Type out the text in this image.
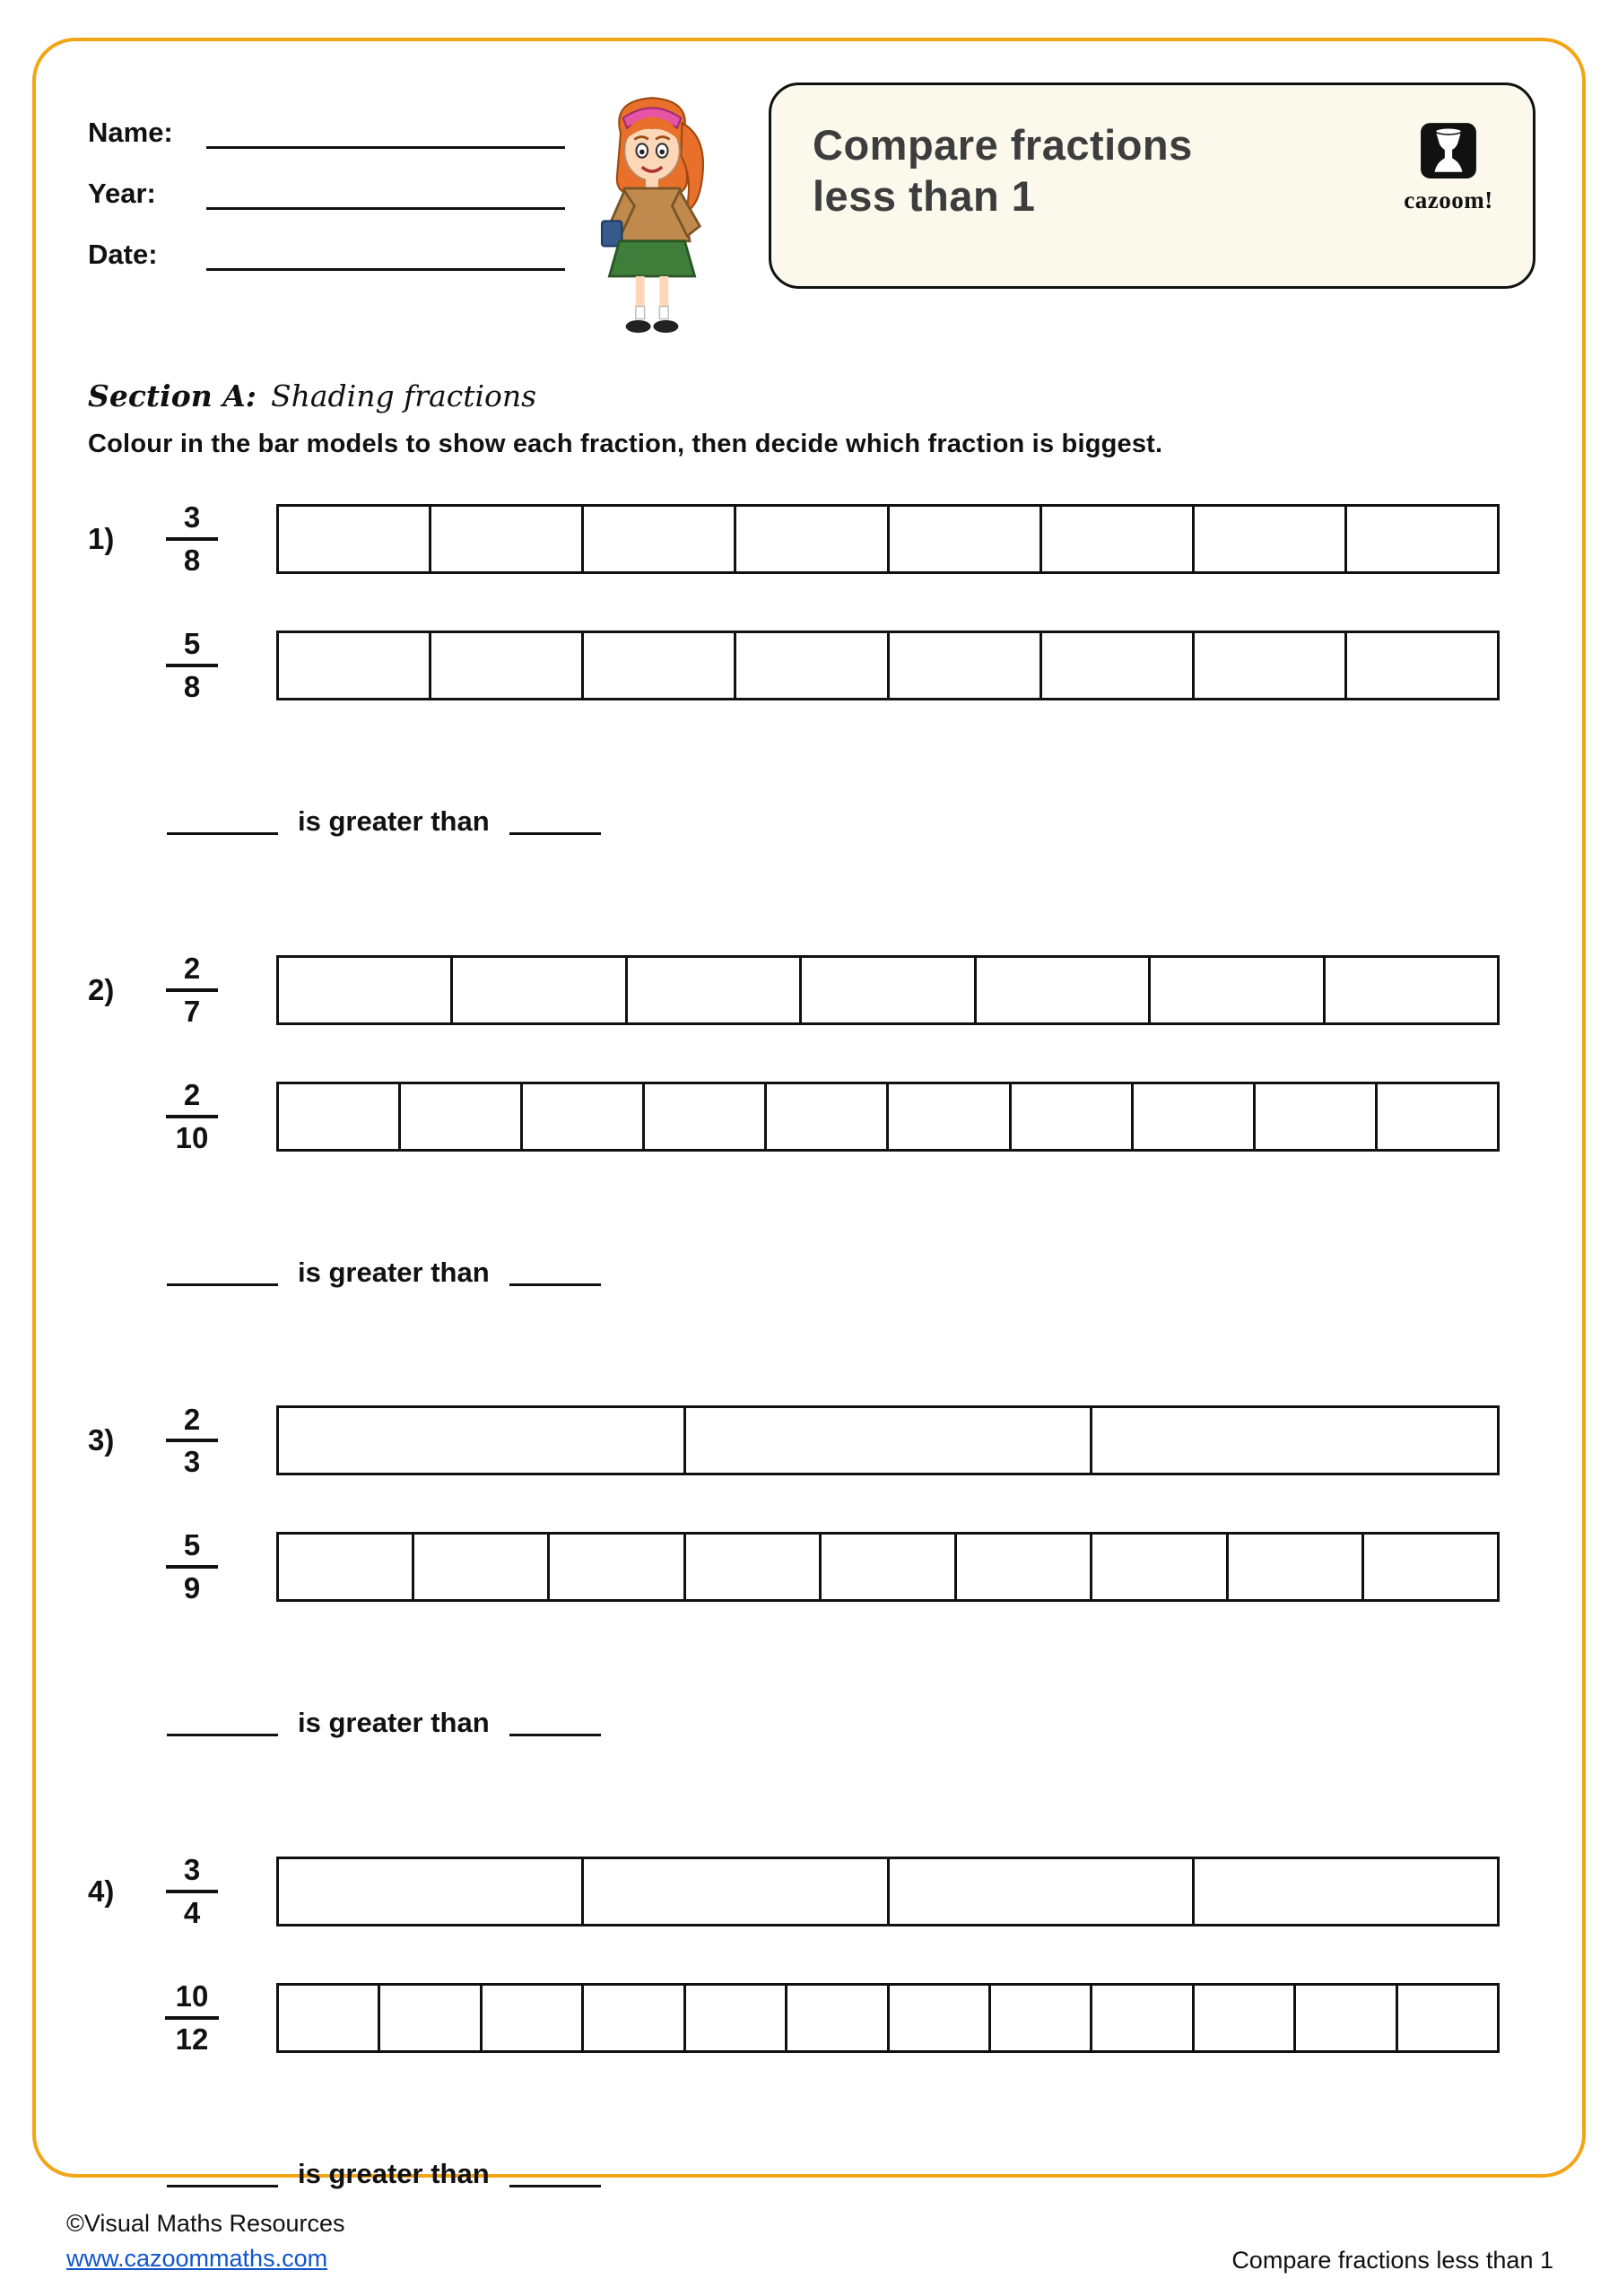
Name:
Year:
Date:
Compare fractions
less than 1	cazoom!
Section A: Shading fractions
Colour in the bar models to show each fraction, then decide which fraction is biggest.
1)	$\frac{3}{8}$
$\frac{5}{8}$
is greater than
2)	$\frac{2}{7}$
$\frac{2}{10}$
is greater than
3)	$\frac{2}{3}$
$\frac{5}{9}$
is greater than
4)	$\frac{3}{4}$
$\frac{10}{12}$
is greater than
©Visual Maths Resources
www.cazoommaths.com	Compare fractions less than 1
